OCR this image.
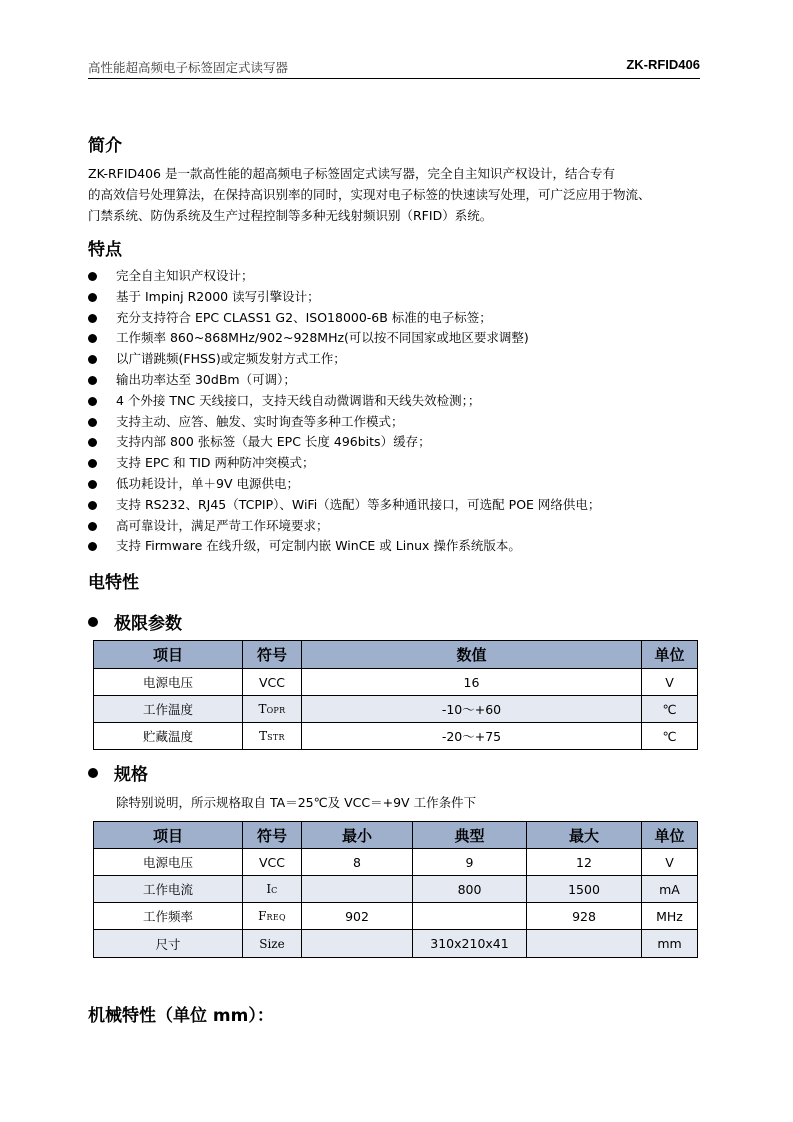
高性能超高频电子标签固定式读写器	ZK-RFID406
简介

ZK-RFID406 是一款高性能的超高频电子标签固定式读写器，完全自主知识产权设计，结合专有

的高效信号处理算法，在保持高识别率的同时，实现对电子标签的快速读写处理，可广泛应用于物流、

门禁系统、防伪系统及生产过程控制等多种无线射频识别（RFID）系统。

特点
完全自主知识产权设计；
基于 Impinj R2000 读写引擎设计；
充分支持符合 EPC CLASS1 G2、ISO18000-6B 标准的电子标签；
工作频率 860~868MHz/902~928MHz(可以按不同国家或地区要求调整)
以广谱跳频(FHSS)或定频发射方式工作；
输出功率达至 30dBm（可调）；
4 个外接 TNC 天线接口，支持天线自动微调谐和天线失效检测；；
支持主动、应答、触发、实时询查等多种工作模式；
支持内部 800 张标签（最大 EPC 长度 496bits）缓存；
支持 EPC 和 TID 两种防冲突模式；
低功耗设计，单＋9V 电源供电；
支持 RS232、RJ45（TCPIP）、WiFi（选配）等多种通讯接口，可选配 POE 网络供电；
高可靠设计，满足严苛工作环境要求；
支持 Firmware 在线升级，可定制内嵌 WinCE 或 Linux 操作系统版本。
电特性
极限参数
项目	符号	数值	单位
电源电压	VCC	16	V
工作温度	TOPR	-10～+60	℃
贮藏温度	TSTR	-20～+75	℃
规格
除特别说明，所示规格取自 TA＝25℃及 VCC＝+9V 工作条件下
项目	符号	最小	典型	最大	单位
电源电压	VCC	8	9	12	V
工作电流	IC		800	1500	mA
工作频率	FREQ	902		928	MHz
尺寸	Size		310x210x41		mm
机械特性（单位 mm）：
